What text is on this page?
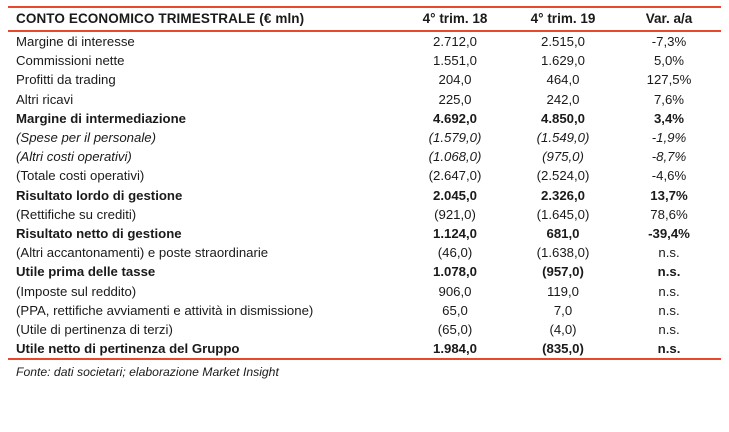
CONTO ECONOMICO TRIMESTRALE (€ mln)	4° trim. 18	4° trim. 19	Var. a/a
Margine di interesse	2.712,0	2.515,0	-7,3%
Commissioni nette	1.551,0	1.629,0	5,0%
Profitti da trading	204,0	464,0	127,5%
Altri ricavi	225,0	242,0	7,6%
Margine di intermediazione	4.692,0	4.850,0	3,4%
(Spese per il personale)	(1.579,0)	(1.549,0)	-1,9%
(Altri costi operativi)	(1.068,0)	(975,0)	-8,7%
(Totale costi operativi)	(2.647,0)	(2.524,0)	-4,6%
Risultato lordo di gestione	2.045,0	2.326,0	13,7%
(Rettifiche su crediti)	(921,0)	(1.645,0)	78,6%
Risultato netto di gestione	1.124,0	681,0	-39,4%
(Altri accantonamenti) e poste straordinarie	(46,0)	(1.638,0)	n.s.
Utile prima delle tasse	1.078,0	(957,0)	n.s.
(Imposte sul reddito)	906,0	119,0	n.s.
(PPA, rettifiche avviamenti e attività in dismissione)	65,0	7,0	n.s.
(Utile di pertinenza di terzi)	(65,0)	(4,0)	n.s.
Utile netto di pertinenza del Gruppo	1.984,0	(835,0)	n.s.
Fonte: dati societari; elaborazione Market Insight
